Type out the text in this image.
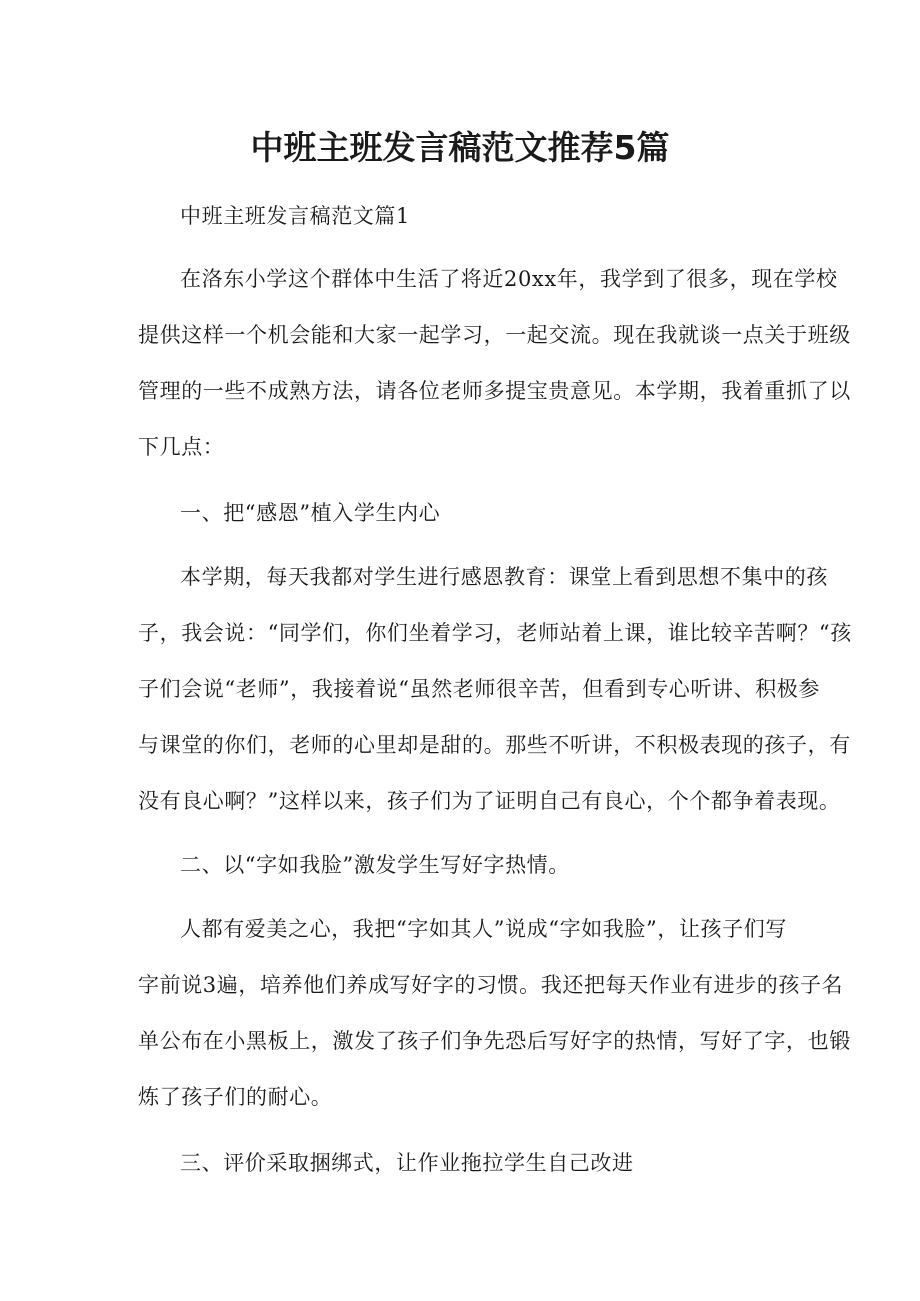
中班主班发言稿范文推荐5篇
中班主班发言稿范文篇1
在洛东小学这个群体中生活了将近20xx年，我学到了很多，现在学校
提供这样一个机会能和大家一起学习，一起交流。现在我就谈一点关于班级
管理的一些不成熟方法，请各位老师多提宝贵意见。本学期，我着重抓了以
下几点：
一、把“感恩”植入学生内心
本学期，每天我都对学生进行感恩教育：课堂上看到思想不集中的孩
子，我会说：“同学们，你们坐着学习，老师站着上课，谁比较辛苦啊？“孩
子们会说“老师”，我接着说“虽然老师很辛苦，但看到专心听讲、积极参
与课堂的你们，老师的心里却是甜的。那些不听讲，不积极表现的孩子，有
没有良心啊？”这样以来，孩子们为了证明自己有良心，个个都争着表现。
二、以“字如我脸”激发学生写好字热情。
人都有爱美之心，我把“字如其人”说成“字如我脸”，让孩子们写
字前说3遍，培养他们养成写好字的习惯。我还把每天作业有进步的孩子名
单公布在小黑板上，激发了孩子们争先恐后写好字的热情，写好了字，也锻
炼了孩子们的耐心。
三、评价采取捆绑式，让作业拖拉学生自己改进
